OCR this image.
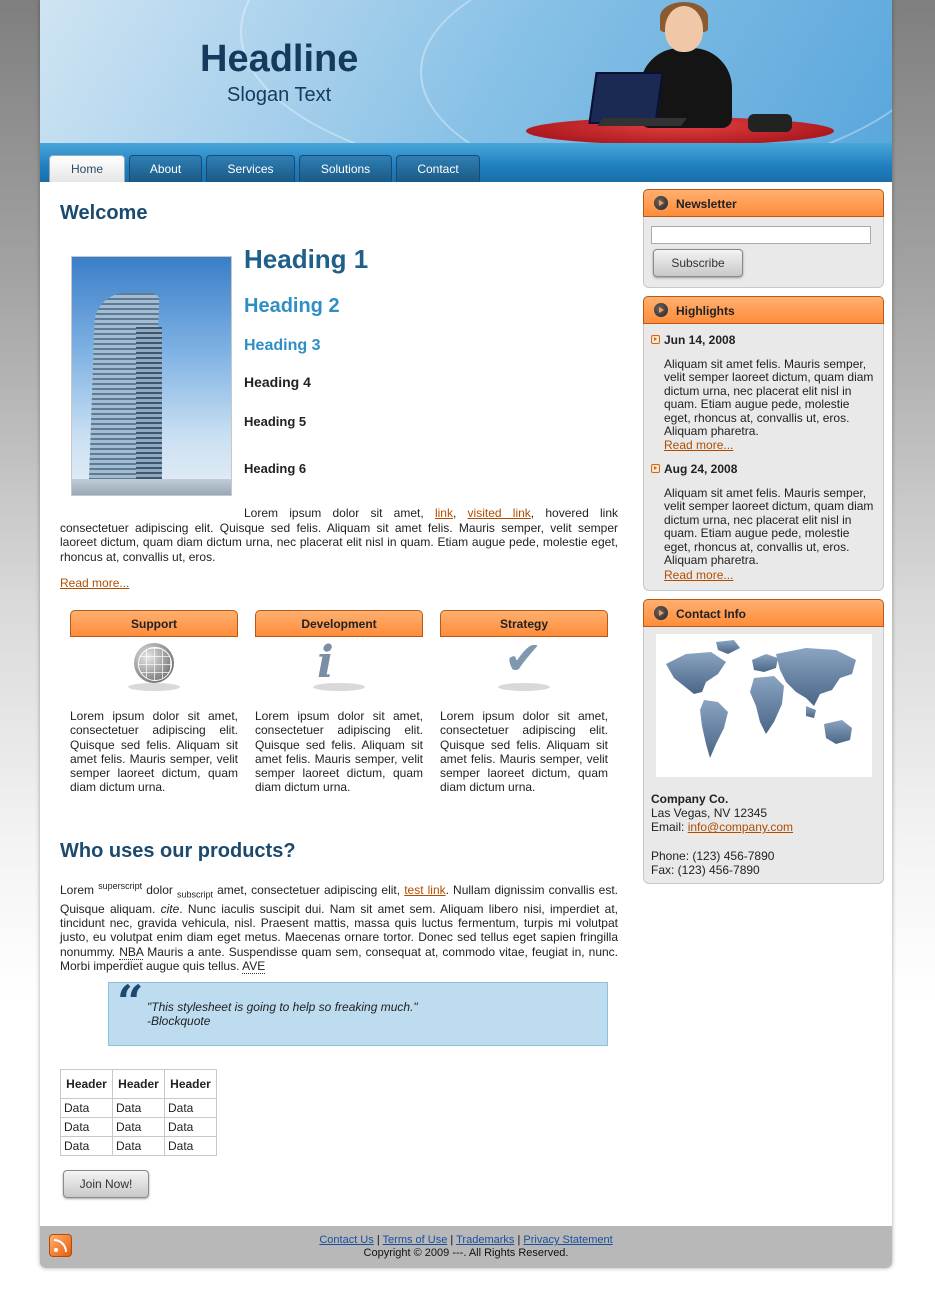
Headline
Slogan Text
Home	About	Services	Solutions	Contact
Welcome
Heading 1
Heading 2
Heading 3
Heading 4
Heading 5
Heading 6
Lorem ipsum dolor sit amet, link, visited link, hovered link consectetuer adipiscing elit. Quisque sed felis. Aliquam sit amet felis. Mauris semper, velit semper laoreet dictum, quam diam dictum urna, nec placerat elit nisl in quam. Etiam augue pede, molestie eget, rhoncus at, convallis ut, eros.
Read more...
Support
Lorem ipsum dolor sit amet, consectetuer adipiscing elit. Quisque sed felis. Aliquam sit amet felis. Mauris semper, velit semper laoreet dictum, quam diam dictum urna.
Development
i
Lorem ipsum dolor sit amet, consectetuer adipiscing elit. Quisque sed felis. Aliquam sit amet felis. Mauris semper, velit semper laoreet dictum, quam diam dictum urna.
Strategy
✔
Lorem ipsum dolor sit amet, consectetuer adipiscing elit. Quisque sed felis. Aliquam sit amet felis. Mauris semper, velit semper laoreet dictum, quam diam dictum urna.
Who uses our products?
Lorem $^{superscript}$ dolor $_{subscript}$ amet, consectetuer adipiscing elit, test link. Nullam dignissim convallis est. Quisque aliquam. cite. Nunc iaculis suscipit dui. Nam sit amet sem. Aliquam libero nisi, imperdiet at, tincidunt nec, gravida vehicula, nisl. Praesent mattis, massa quis luctus fermentum, turpis mi volutpat justo, eu volutpat enim diam eget metus. Maecenas ornare tortor. Donec sed tellus eget sapien fringilla nonummy. NBA Mauris a ante. Suspendisse quam sem, consequat at, commodo vitae, feugiat in, nunc. Morbi imperdiet augue quis tellus. AVE
“ "This stylesheet is going to help so freaking much."
-Blockquote
Header	Header	Header
Data	Data	Data
Data	Data	Data
Data	Data	Data
Join Now!
Newsletter
Subscribe
Highlights
Jun 14, 2008
Aliquam sit amet felis. Mauris semper, velit semper laoreet dictum, quam diam dictum urna, nec placerat elit nisl in quam. Etiam augue pede, molestie eget, rhoncus at, convallis ut, eros. Aliquam pharetra.
Read more...
Aug 24, 2008
Aliquam sit amet felis. Mauris semper, velit semper laoreet dictum, quam diam dictum urna, nec placerat elit nisl in quam. Etiam augue pede, molestie eget, rhoncus at, convallis ut, eros. Aliquam pharetra.
Read more...
Contact Info
Company Co.
Las Vegas, NV 12345
Email: info@company.com
Phone: (123) 456-7890
Fax: (123) 456-7890
Contact Us | Terms of Use | Trademarks | Privacy Statement
Copyright © 2009 ---. All Rights Reserved.
